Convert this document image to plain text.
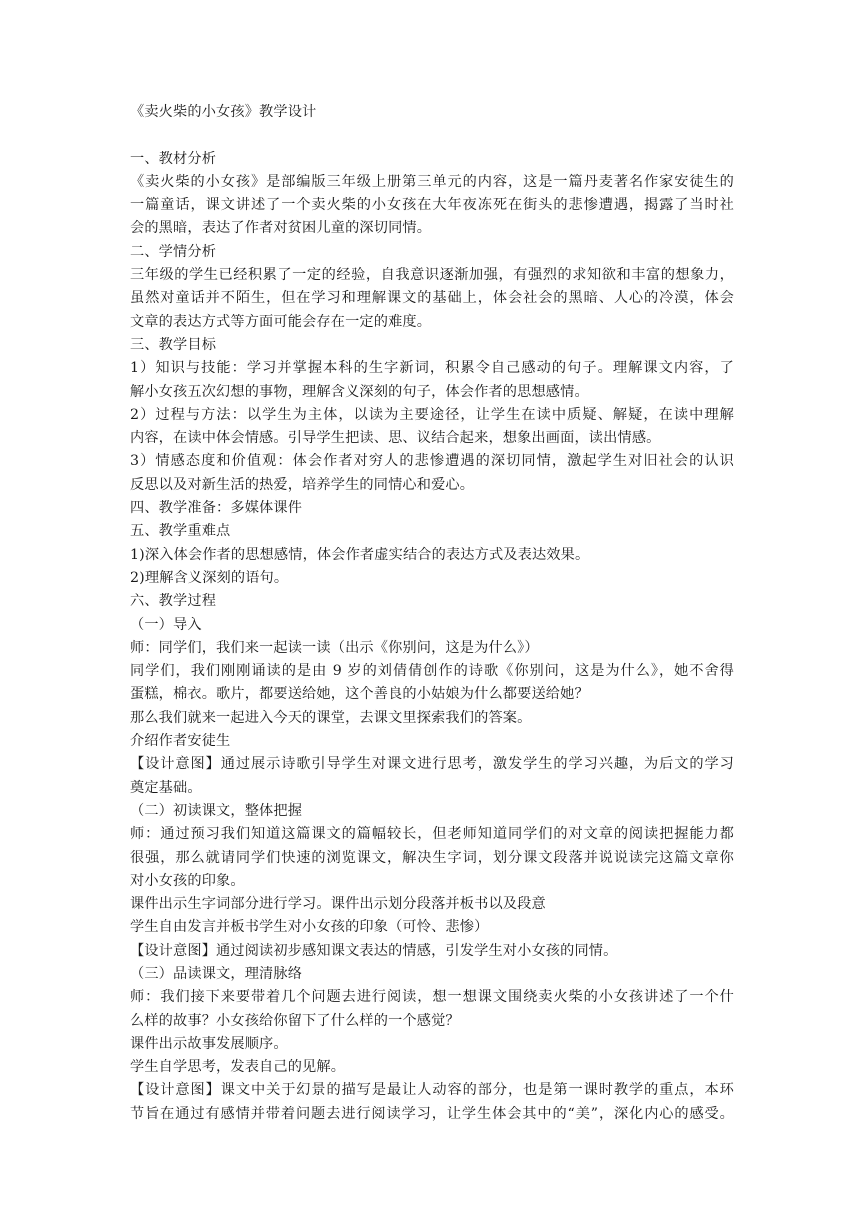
《卖火柴的小女孩》教学设计
一、教材分析
《卖火柴的小女孩》是部编版三年级上册第三单元的内容，这是一篇丹麦著名作家安徒生的
一篇童话，课文讲述了一个卖火柴的小女孩在大年夜冻死在街头的悲惨遭遇，揭露了当时社
会的黑暗，表达了作者对贫困儿童的深切同情。
二、学情分析
三年级的学生已经积累了一定的经验，自我意识逐渐加强，有强烈的求知欲和丰富的想象力，
虽然对童话并不陌生，但在学习和理解课文的基础上，体会社会的黑暗、人心的冷漠，体会
文章的表达方式等方面可能会存在一定的难度。
三、教学目标
1）知识与技能：学习并掌握本科的生字新词，积累令自己感动的句子。理解课文内容，了
解小女孩五次幻想的事物，理解含义深刻的句子，体会作者的思想感情。
2）过程与方法：以学生为主体，以读为主要途径，让学生在读中质疑、解疑，在读中理解
内容，在读中体会情感。引导学生把读、思、议结合起来，想象出画面，读出情感。
3）情感态度和价值观：体会作者对穷人的悲惨遭遇的深切同情，激起学生对旧社会的认识
反思以及对新生活的热爱，培养学生的同情心和爱心。
四、教学准备：多媒体课件
五、教学重难点
1)深入体会作者的思想感情，体会作者虚实结合的表达方式及表达效果。
2)理解含义深刻的语句。
六、教学过程
（一）导入
师：同学们，我们来一起读一读（出示《你别问，这是为什么》）
同学们，我们刚刚诵读的是由 9 岁的刘倩倩创作的诗歌《你别问，这是为什么》，她不舍得
蛋糕，棉衣。歌片，都要送给她，这个善良的小姑娘为什么都要送给她？
那么我们就来一起进入今天的课堂，去课文里探索我们的答案。
介绍作者安徒生
【设计意图】通过展示诗歌引导学生对课文进行思考，激发学生的学习兴趣，为后文的学习
奠定基础。
（二）初读课文，整体把握
师：通过预习我们知道这篇课文的篇幅较长，但老师知道同学们的对文章的阅读把握能力都
很强，那么就请同学们快速的浏览课文，解决生字词，划分课文段落并说说读完这篇文章你
对小女孩的印象。
课件出示生字词部分进行学习。课件出示划分段落并板书以及段意
学生自由发言并板书学生对小女孩的印象（可怜、悲惨）
【设计意图】通过阅读初步感知课文表达的情感，引发学生对小女孩的同情。
（三）品读课文，理清脉络
师：我们接下来要带着几个问题去进行阅读，想一想课文围绕卖火柴的小女孩讲述了一个什
么样的故事？小女孩给你留下了什么样的一个感觉？
课件出示故事发展顺序。
学生自学思考，发表自己的见解。
【设计意图】课文中关于幻景的描写是最让人动容的部分，也是第一课时教学的重点，本环
节旨在通过有感情并带着问题去进行阅读学习，让学生体会其中的“美”，深化内心的感受。
